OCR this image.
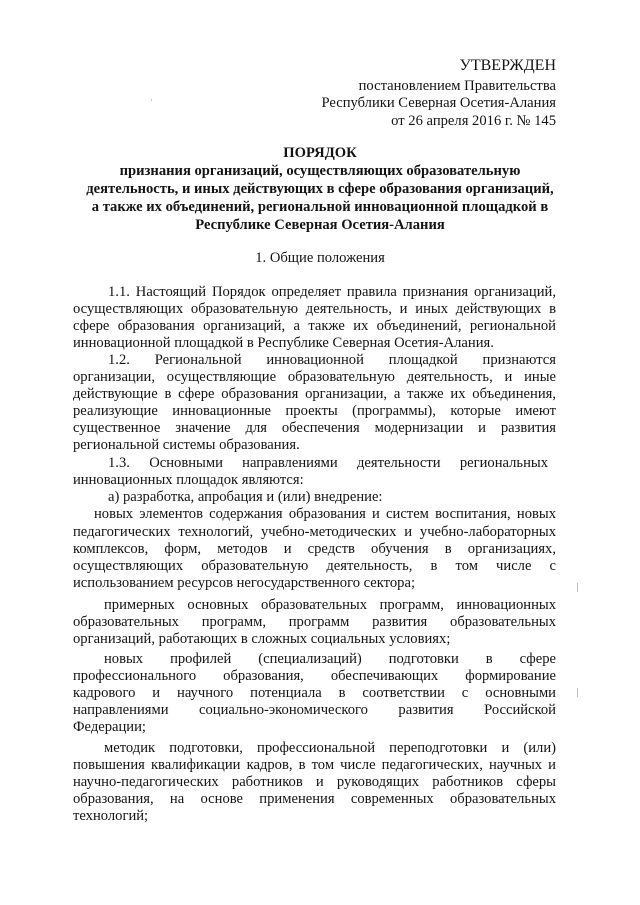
УТВЕРЖДЕН
постановлением Правительства
Республики Северная Осетия-Алания
от 26 апреля 2016 г. № 145
‘
ПОРЯДОК
признания организаций, осуществляющих образовательную
деятельность, и иных действующих в сфере образования организаций,
а также их объединений, региональной инновационной площадкой в
Республике Северная Осетия-Алания
1. Общие положения
1.1. Настоящий Порядок определяет правила признания организаций,
осуществляющих образовательную деятельность, и иных действующих в
сфере образования организаций, а также их объединений, региональной
инновационной площадкой в Республике Северная Осетия-Алания.
1.2. Региональной инновационной площадкой признаются
организации, осуществляющие образовательную деятельность, и иные
действующие в сфере образования организации, а также их объединения,
реализующие инновационные проекты (программы), которые имеют
существенное значение для обеспечения модернизации и развития
региональной системы образования.
1.3. Основными направлениями деятельности региональных
инновационных площадок являются:
а) разработка, апробация и (или) внедрение:
новых элементов содержания образования и систем воспитания, новых
педагогических технологий, учебно-методических и учебно-лабораторных
комплексов, форм, методов и средств обучения в организациях,
осуществляющих образовательную деятельность, в том числе с
использованием ресурсов негосударственного сектора;
примерных основных образовательных программ, инновационных
образовательных программ, программ развития образовательных
организаций, работающих в сложных социальных условиях;
новых профилей (специализаций) подготовки в сфере
профессионального образования, обеспечивающих формирование
кадрового и научного потенциала в соответствии с основными
направлениями социально-экономического развития Российской
Федерации;
методик подготовки, профессиональной переподготовки и (или)
повышения квалификации кадров, в том числе педагогических, научных и
научно-педагогических работников и руководящих работников сферы
образования, на основе применения современных образовательных
технологий;
